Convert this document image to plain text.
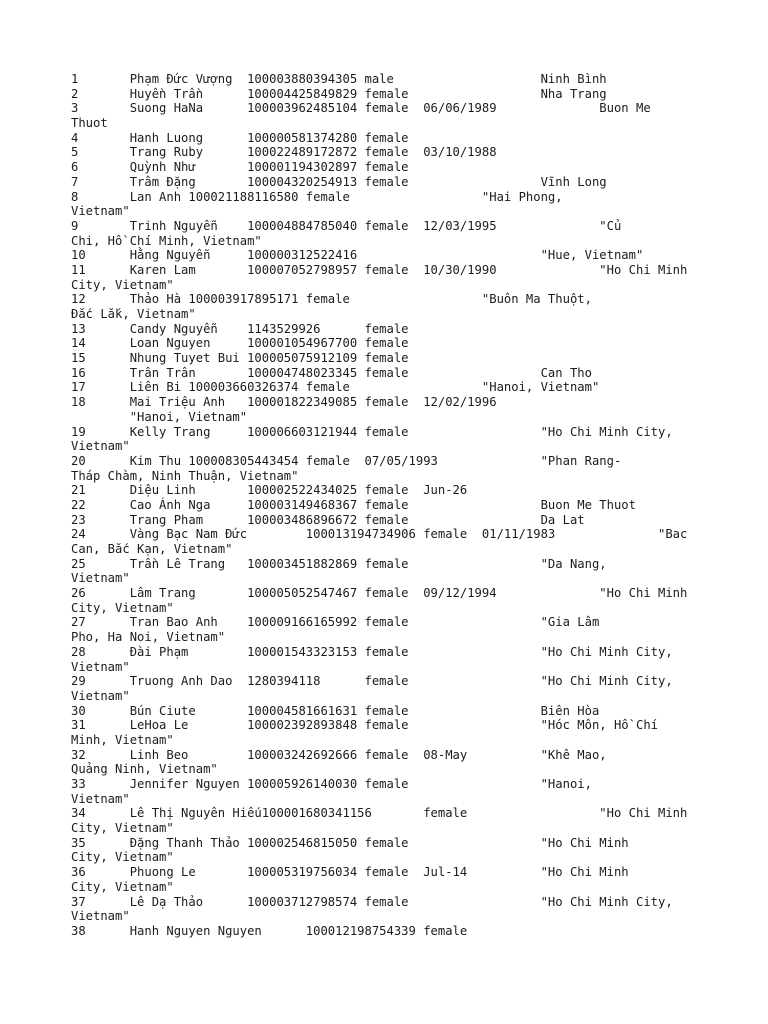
1       Phạm Đức Vượng  100003880394305 male                    Ninh Bình
2       Huyền Trần      100004425849829 female                  Nha Trang
3       Suong HaNa      100003962485104 female  06/06/1989              Buon Me
Thuot
4       Hanh Luong      100000581374280 female
5       Trang Ruby      100022489172872 female  03/10/1988
6       Quỳnh Như       100001194302897 female
7       Trâm Đặng       100004320254913 female                  Vĩnh Long
8       Lan Anh 100021188116580 female                  "Hai Phong,
Vietnam"
9       Trinh Nguyễn    100004884785040 female  12/03/1995              "Củ
Chi, Hồ Chí Minh, Vietnam"
10      Hằng Nguyễn     100000312522416                         "Hue, Vietnam"
11      Karen Lam       100007052798957 female  10/30/1990              "Ho Chi Minh
City, Vietnam"
12      Thảo Hà 100003917895171 female                  "Buôn Ma Thuột,
Đắc Lắk, Vietnam"
13      Candy Nguyễn    1143529926      female
14      Loan Nguyen     100001054967700 female
15      Nhung Tuyet Bui 100005075912109 female
16      Trân Trân       100004748023345 female                  Can Tho
17      Liên Bi 100003660326374 female                  "Hanoi, Vietnam"
18      Mai Triệu Anh   100001822349085 female  12/02/1996
"Hanoi, Vietnam"
19      Kelly Trang     100006603121944 female                  "Ho Chi Minh City,
Vietnam"
20      Kim Thu 100008305443454 female  07/05/1993              "Phan Rang-
Tháp Chàm, Ninh Thuận, Vietnam"
21      Diệu Linh       100002522434025 female  Jun-26
22      Cao Ánh Nga     100003149468367 female                  Buon Me Thuot
23      Trang Pham      100003486896672 female                  Da Lat
24      Vàng Bạc Nam Đức        100013194734906 female  01/11/1983              "Bac
Can, Bắc Kạn, Vietnam"
25      Trần Lê Trang   100003451882869 female                  "Da Nang,
Vietnam"
26      Lâm Trang       100005052547467 female  09/12/1994              "Ho Chi Minh
City, Vietnam"
27      Tran Bao Anh    100009166165992 female                  "Gia Lâm
Pho, Ha Noi, Vietnam"
28      Đài Phạm        100001543323153 female                  "Ho Chi Minh City,
Vietnam"
29      Truong Anh Dao  1280394118      female                  "Ho Chi Minh City,
Vietnam"
30      Bún Ciute       100004581661631 female                  Biên Hòa
31      LeHoa Le        100002392893848 female                  "Hóc Môn, Hồ Chí
Minh, Vietnam"
32      Linh Beo        100003242692666 female  08-May          "Khê Mao,
Quảng Ninh, Vietnam"
33      Jennifer Nguyen 100005926140030 female                  "Hanoi,
Vietnam"
34      Lê Thị Nguyên Hiếu100001680341156       female                  "Ho Chi Minh
City, Vietnam"
35      Đặng Thanh Thảo 100002546815050 female                  "Ho Chi Minh
City, Vietnam"
36      Phuong Le       100005319756034 female  Jul-14          "Ho Chi Minh
City, Vietnam"
37      Lê Dạ Thảo      100003712798574 female                  "Ho Chi Minh City,
Vietnam"
38      Hanh Nguyen Nguyen      100012198754339 female
